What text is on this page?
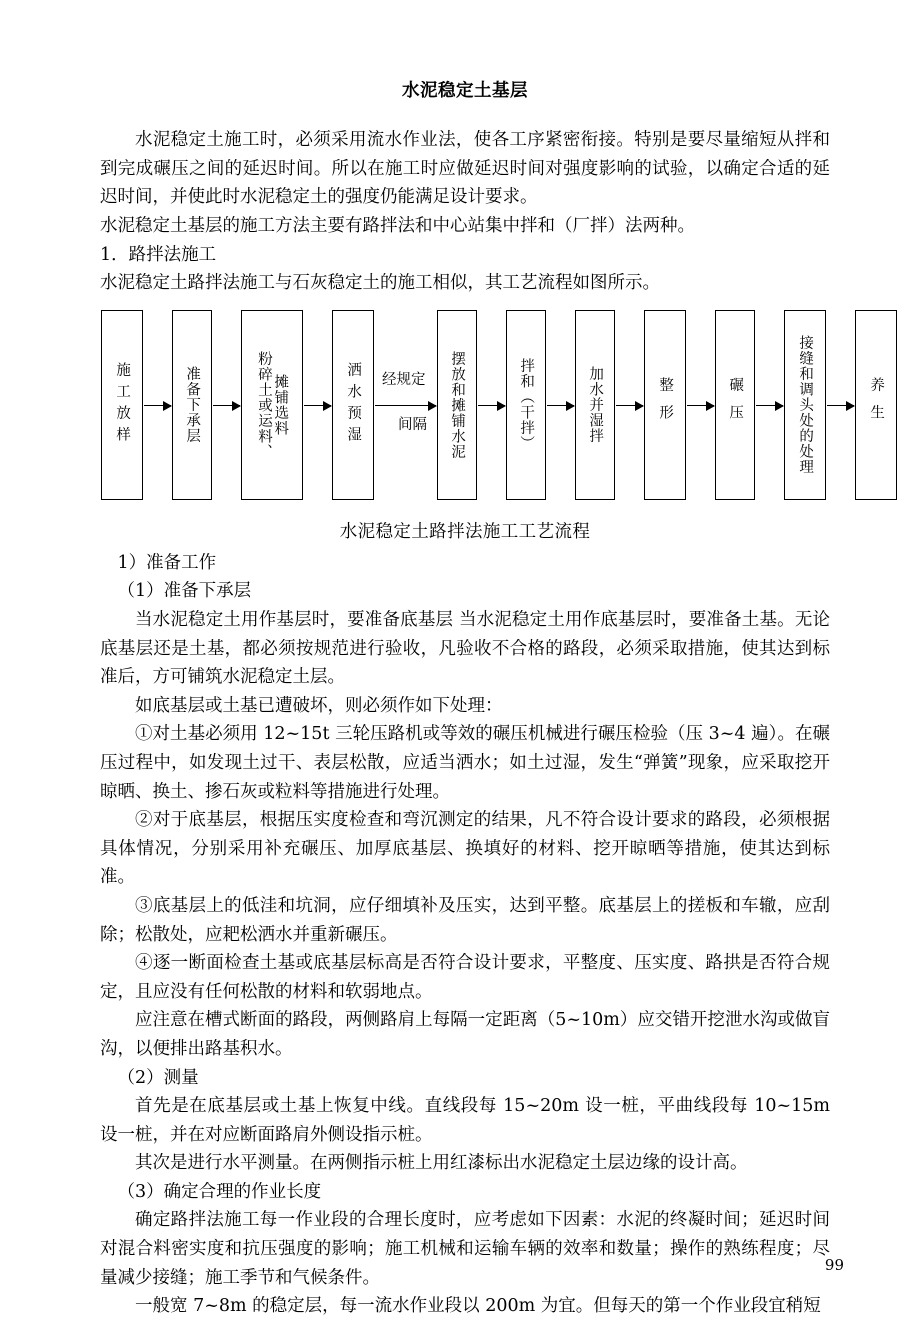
水泥稳定土基层

水泥稳定土施工时，必须采用流水作业法，使各工序紧密衔接。特别是要尽量缩短从拌和到完成碾压之间的延迟时间。所以在施工时应做延迟时间对强度影响的试验，以确定合适的延迟时间，并使此时水泥稳定土的强度仍能满足设计要求。

水泥稳定土基层的施工方法主要有路拌法和中心站集中拌和（厂拌）法两种。

1．路拌法施工

水泥稳定土路拌法施工与石灰稳定土的施工相似，其工艺流程如图所示。

施工放样	准备下承层	摊铺选料
粉碎土或运料、	洒水预湿 经规定
间隔 摆放和摊铺水泥	拌和（干拌）	加水并湿拌	整形	碾压	接缝和调头处的处理	养生

水泥稳定土路拌法施工工艺流程

1）准备工作

（1）准备下承层

当水泥稳定土用作基层时，要准备底基层 当水泥稳定土用作底基层时，要准备土基。无论底基层还是土基，都必须按规范进行验收，凡验收不合格的路段，必须采取措施，使其达到标准后，方可铺筑水泥稳定土层。

如底基层或土基已遭破坏，则必须作如下处理：

①对土基必须用 12~15t 三轮压路机或等效的碾压机械进行碾压检验（压 3~4 遍）。在碾压过程中，如发现土过干、表层松散，应适当洒水；如土过湿，发生“弹簧”现象，应采取挖开晾晒、换土、掺石灰或粒料等措施进行处理。

②对于底基层，根据压实度检查和弯沉测定的结果，凡不符合设计要求的路段，必须根据具体情况，分别采用补充碾压、加厚底基层、换填好的材料、挖开晾晒等措施，使其达到标准。

③底基层上的低洼和坑洞，应仔细填补及压实，达到平整。底基层上的搓板和车辙，应刮除；松散处，应耙松洒水并重新碾压。

④逐一断面检查土基或底基层标高是否符合设计要求，平整度、压实度、路拱是否符合规定，且应没有任何松散的材料和软弱地点。

应注意在槽式断面的路段，两侧路肩上每隔一定距离（5~10m）应交错开挖泄水沟或做盲沟，以便排出路基积水。

（2）测量

首先是在底基层或土基上恢复中线。直线段每 15~20m 设一桩，平曲线段每 10~15m 设一桩，并在对应断面路肩外侧设指示桩。

其次是进行水平测量。在两侧指示桩上用红漆标出水泥稳定土层边缘的设计高。

（3）确定合理的作业长度

确定路拌法施工每一作业段的合理长度时，应考虑如下因素：水泥的终凝时间；延迟时间对混合料密实度和抗压强度的影响；施工机械和运输车辆的效率和数量；操作的熟练程度；尽量减少接缝；施工季节和气候条件。

一般宽 7~8m 的稳定层，每一流水作业段以 200m 为宜。但每天的第一个作业段宜稍短

99
